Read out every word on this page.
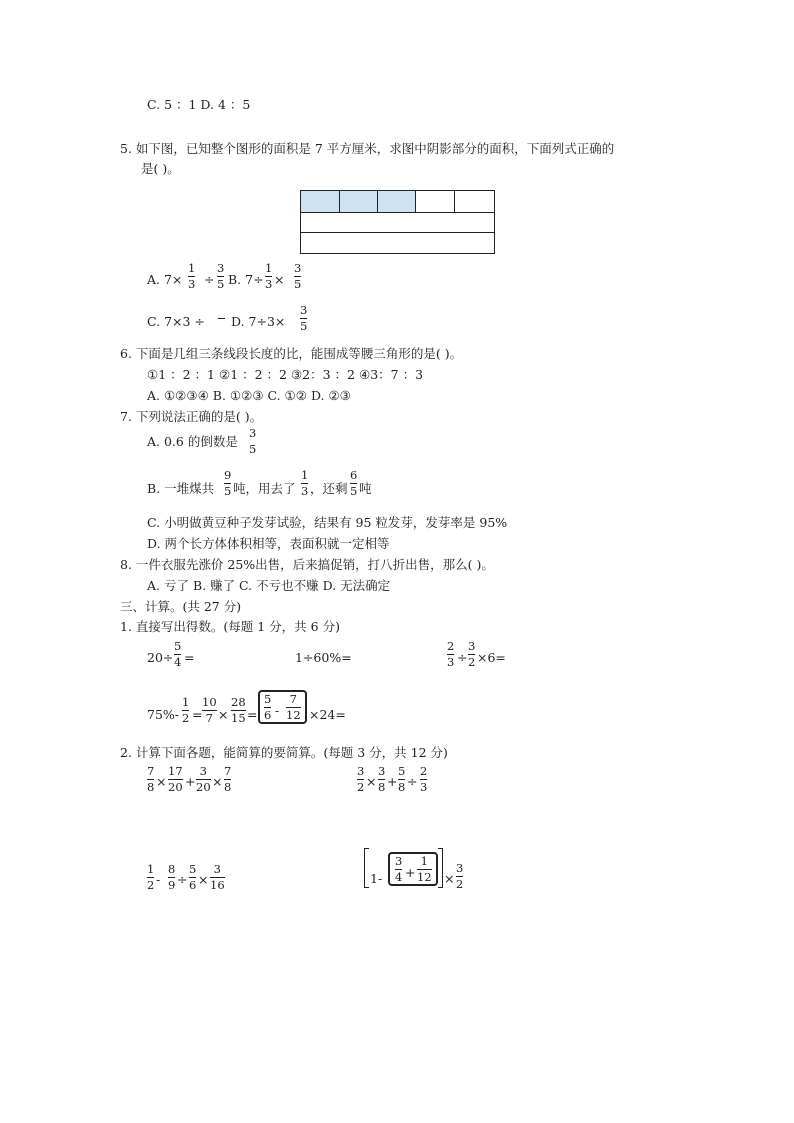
C. 5 ：1 D. 4 ：5
5. 如下图，已知整个图形的面积是 7 平方厘米，求图中阴影部分的面积，下面列式正确的
是( )。
A. 7×
1
3 ÷
3
5 B. 7÷
1
3 ×
3
5
C. 7×3 ÷ D. 7÷3×
3
5
6. 下面是几组三条线段长度的比，能围成等腰三角形的是( )。
①1 ：2 ：1 ②1 ：2 ：2 ③2：3 ：2 ④3：7 ：3
A. ①②③④ B. ①②③ C. ①② D. ②③
7. 下列说法正确的是( )。
A. 0.6 的倒数是
3
5
B. 一堆煤共
9
5 吨，用去了
1
3 ，还剩
6
5 吨
C. 小明做黄豆种子发芽试验，结果有 95 粒发芽，发芽率是 95%
D. 两个长方体体积相等，表面积就一定相等
8. 一件衣服先涨价 25%出售，后来搞促销，打八折出售，那么( )。
A. 亏了 B. 赚了 C. 不亏也不赚 D. 无法确定
三、计算。(共 27 分)
1. 直接写出得数。(每题 1 分，共 6 分)
20÷
5
4 =	1÷60%=
2
3 ÷
3
2 ×6=
75%-
1
2 =
10
7 ×
28
15 =
5
6 -
7
12 ×24=
2. 计算下面各题，能简算的要简算。(每题 3 分，共 12 分)
7
8 ×
17
20 +
3
20 ×
7
8
3
2 ×
3
8 +
5
8 ÷
2
3
1
2 -
8
9 ÷
5
6 ×
3
16	1-
3
4 +
1
12 ×
3
2
